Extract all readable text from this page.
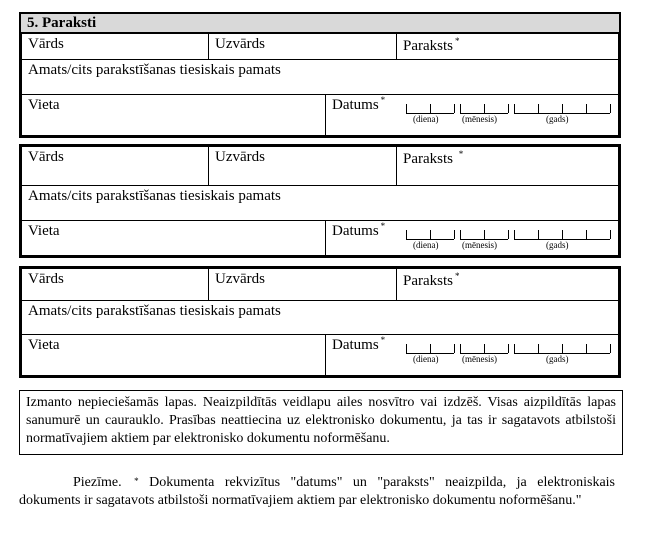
5. Paraksti
Vārds	Uzvārds	Paraksts *
Amats/cits parakstīšanas tiesiskais pamats
Vieta	Datums *
(diena)	(mēnesis)	(gads)
Vārds	Uzvārds	Paraksts *
Amats/cits parakstīšanas tiesiskais pamats
Vieta	Datums *
(diena)	(mēnesis)	(gads)
Vārds	Uzvārds	Paraksts *
Amats/cits parakstīšanas tiesiskais pamats
Vieta	Datums *
(diena)	(mēnesis)	(gads)
Izmanto nepieciešamās lapas. Neaizpildītās veidlapu ailes nosvītro vai izdzēš. Visas aizpildītās lapas sanumurē un caurauklo. Prasības neattiecina uz elektronisko dokumentu, ja tas ir sagatavots atbilstoši normatīvajiem aktiem par elektronisko dokumentu noformēšanu.
Piezīme. * Dokumenta rekvizītus "datums" un "paraksts" neaizpilda, ja elektroniskais dokuments ir sagatavots atbilstoši normatīvajiem aktiem par elektronisko dokumentu noformēšanu."
